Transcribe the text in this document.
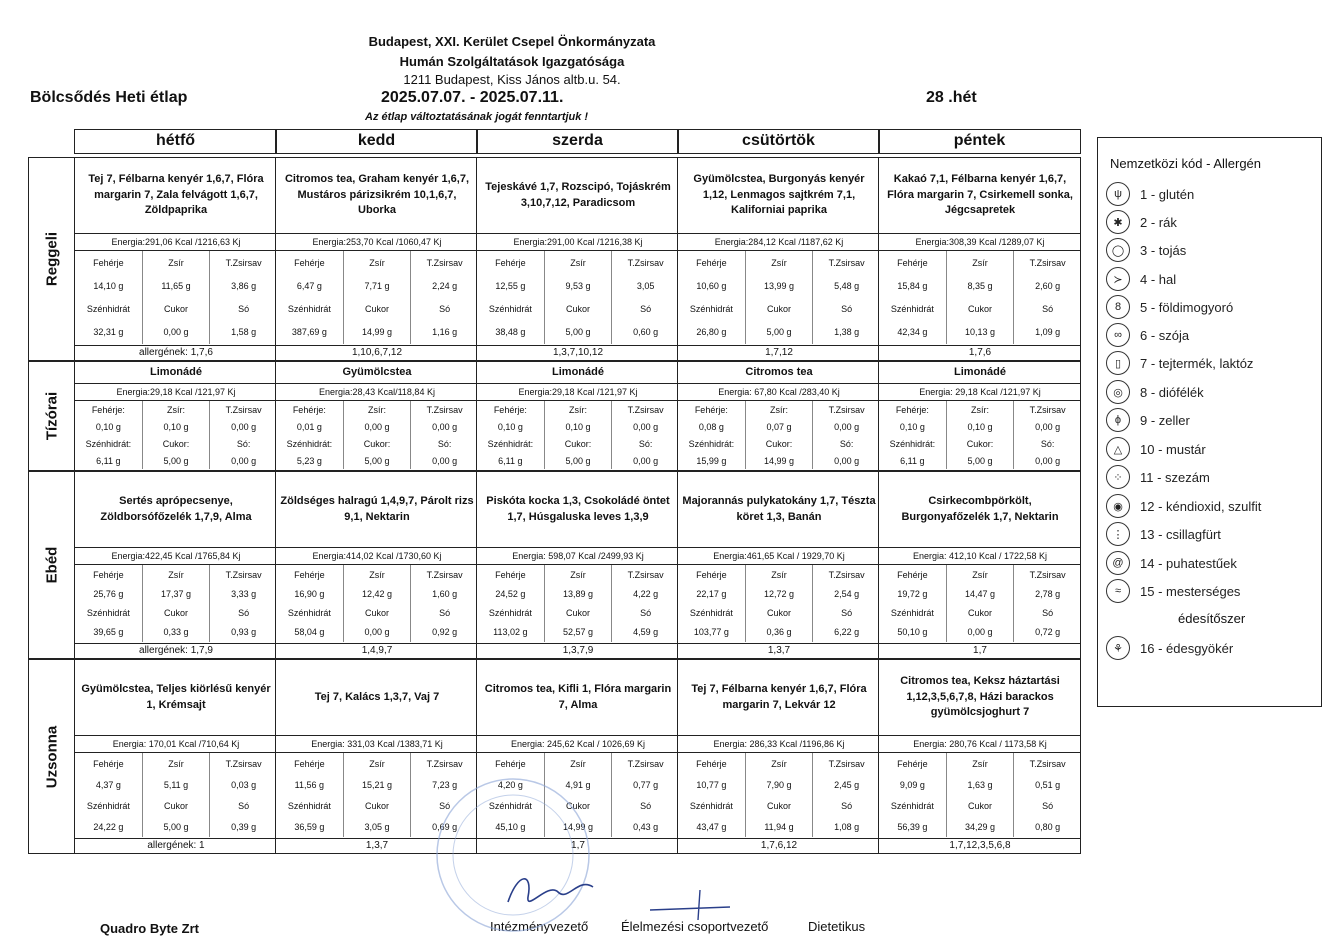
Budapest, XXI. Kerület Csepel Önkormányzata
Humán Szolgáltatások Igazgatósága
1211 Budapest, Kiss János altb.u. 54.
Bölcsődés Heti étlap	2025.07.07. - 2025.07.11.	28 .hét
Az étlap változtatásának jogát fenntartjuk !
hétfő	kedd	szerda	csütörtök	péntek
Reggeli
Tej 7, Félbarna kenyér 1,6,7, Flóra margarin 7, Zala felvágott 1,6,7, Zöldpaprika
Energia:291,06 Kcal /1216,63 Kj
Fehérje	Zsír	T.Zsirsav
14,10 g	11,65 g	3,86 g
Szénhidrát	Cukor	Só
32,31 g	0,00 g	1,58 g
allergének: 1,7,6
Citromos tea, Graham kenyér 1,6,7, Mustáros párizsikrém 10,1,6,7, Uborka
Energia:253,70 Kcal /1060,47 Kj
Fehérje	Zsír	T.Zsirsav
6,47 g	7,71 g	2,24 g
Szénhidrát	Cukor	Só
387,69 g	14,99 g	1,16 g
1,10,6,7,12
Tejeskávé 1,7, Rozscipó, Tojáskrém 3,10,7,12, Paradicsom
Energia:291,00 Kcal /1216,38 Kj
Fehérje	Zsír	T.Zsirsav
12,55 g	9,53 g	3,05
Szénhidrát	Cukor	Só
38,48 g	5,00 g	0,60 g
1,3,7,10,12
Gyümölcstea, Burgonyás kenyér 1,12, Lenmagos sajtkrém 7,1, Kaliforniai paprika
Energia:284,12 Kcal /1187,62 Kj
Fehérje	Zsír	T.Zsirsav
10,60 g	13,99 g	5,48 g
Szénhidrát	Cukor	Só
26,80 g	5,00 g	1,38 g
1,7,12
Kakaó 7,1, Félbarna kenyér 1,6,7, Flóra margarin 7, Csirkemell sonka, Jégcsapretek
Energia:308,39 Kcal /1289,07 Kj
Fehérje	Zsír	T.Zsirsav
15,84 g	8,35 g	2,60 g
Szénhidrát	Cukor	Só
42,34 g	10,13 g	1,09 g
1,7,6
Tízórai
Limonádé
Energia:29,18 Kcal /121,97 Kj
Fehérje:	Zsír:	T.Zsirsav
0,10 g	0,10 g	0,00 g
Szénhidrát:	Cukor:	Só:
6,11 g	5,00 g	0,00 g
Gyümölcstea
Energia:28,43 Kcal/118,84 Kj
Fehérje:	Zsír:	T.Zsirsav
0,01 g	0,00 g	0,00 g
Szénhidrát:	Cukor:	Só:
5,23 g	5,00 g	0,00 g
Limonádé
Energia:29,18 Kcal /121,97 Kj
Fehérje:	Zsír:	T.Zsirsav
0,10 g	0,10 g	0,00 g
Szénhidrát:	Cukor:	Só:
6,11 g	5,00 g	0,00 g
Citromos tea
Energia: 67,80 Kcal /283,40 Kj
Fehérje:	Zsír:	T.Zsirsav
0,08 g	0,07 g	0,00 g
Szénhidrát:	Cukor:	Só:
15,99 g	14,99 g	0,00 g
Limonádé
Energia: 29,18 Kcal /121,97 Kj
Fehérje:	Zsír:	T.Zsirsav
0,10 g	0,10 g	0,00 g
Szénhidrát:	Cukor:	Só:
6,11 g	5,00 g	0,00 g
Ebéd
Sertés aprópecsenye, Zöldborsófőzelék 1,7,9, Alma
Energia:422,45 Kcal /1765,84 Kj
Fehérje	Zsír	T.Zsirsav
25,76 g	17,37 g	3,33 g
Szénhidrát	Cukor	Só
39,65 g	0,33 g	0,93 g
allergének: 1,7,9
Zöldséges halragú 1,4,9,7, Párolt rizs 9,1, Nektarin
Energia:414,02 Kcal /1730,60 Kj
Fehérje	Zsír	T.Zsirsav
16,90 g	12,42 g	1,60 g
Szénhidrát	Cukor	Só
58,04 g	0,00 g	0,92 g
1,4,9,7
Piskóta kocka 1,3, Csokoládé öntet 1,7, Húsgaluska leves 1,3,9
Energia: 598,07 Kcal /2499,93 Kj
Fehérje	Zsír	T.Zsirsav
24,52 g	13,89 g	4,22 g
Szénhidrát	Cukor	Só
113,02 g	52,57 g	4,59 g
1,3,7,9
Majorannás pulykatokány 1,7, Tészta köret 1,3, Banán
Energia:461,65 Kcal / 1929,70 Kj
Fehérje	Zsír	T.Zsirsav
22,17 g	12,72 g	2,54 g
Szénhidrát	Cukor	Só
103,77 g	0,36 g	6,22 g
1,3,7
Csirkecombpörkölt, Burgonyafőzelék 1,7, Nektarin
Energia: 412,10 Kcal / 1722,58 Kj
Fehérje	Zsír	T.Zsirsav
19,72 g	14,47 g	2,78 g
Szénhidrát	Cukor	Só
50,10 g	0,00 g	0,72 g
1,7
Uzsonna
Gyümölcstea, Teljes kiörlésű kenyér 1, Krémsajt
Energia: 170,01 Kcal /710,64 Kj
Fehérje	Zsír	T.Zsirsav
4,37 g	5,11 g	0,03 g
Szénhidrát	Cukor	Só
24,22 g	5,00 g	0,39 g
allergének: 1
Tej 7, Kalács 1,3,7, Vaj 7
Energia: 331,03 Kcal /1383,71 Kj
Fehérje	Zsír	T.Zsirsav
11,56 g	15,21 g	7,23 g
Szénhidrát	Cukor	Só
36,59 g	3,05 g	0,69 g
1,3,7
Citromos tea, Kifli 1, Flóra margarin 7, Alma
Energia: 245,62 Kcal / 1026,69 Kj
Fehérje	Zsír	T.Zsirsav
4,20 g	4,91 g	0,77 g
Szénhidrát	Cukor	Só
45,10 g	14,99 g	0,43 g
1,7
Tej 7, Félbarna kenyér 1,6,7, Flóra margarin 7, Lekvár 12
Energia: 286,33 Kcal /1196,86 Kj
Fehérje	Zsír	T.Zsirsav
10,77 g	7,90 g	2,45 g
Szénhidrát	Cukor	Só
43,47 g	11,94 g	1,08 g
1,7,6,12
Citromos tea, Keksz háztartási 1,12,3,5,6,7,8, Házi barackos gyümölcsjoghurt 7
Energia: 280,76 Kcal / 1173,58 Kj
Fehérje	Zsír	T.Zsirsav
9,09 g	1,63 g	0,51 g
Szénhidrát	Cukor	Só
56,39 g	34,29 g	0,80 g
1,7,12,3,5,6,8
Nemzetközi kód - Allergén
ψ	1 - glutén
✱	2 - rák
◯	3 - tojás
≻	4 - hal
8	5 - földimogyoró
∞	6 - szója
▯	7 - tejtermék, laktóz
◎	8 - diófélék
ϕ	9 - zeller
△	10 - mustár
⁘	11 - szezám
◉	12 - kéndioxid, szulfit
⋮	13 - csillagfürt
@	14 - puhatestűek
≈	15 - mesterséges
⚘	16 - édesgyökér
édesítőszer
Quadro Byte Zrt	Intézményvezető	Élelmezési csoportvezető	Dietetikus
